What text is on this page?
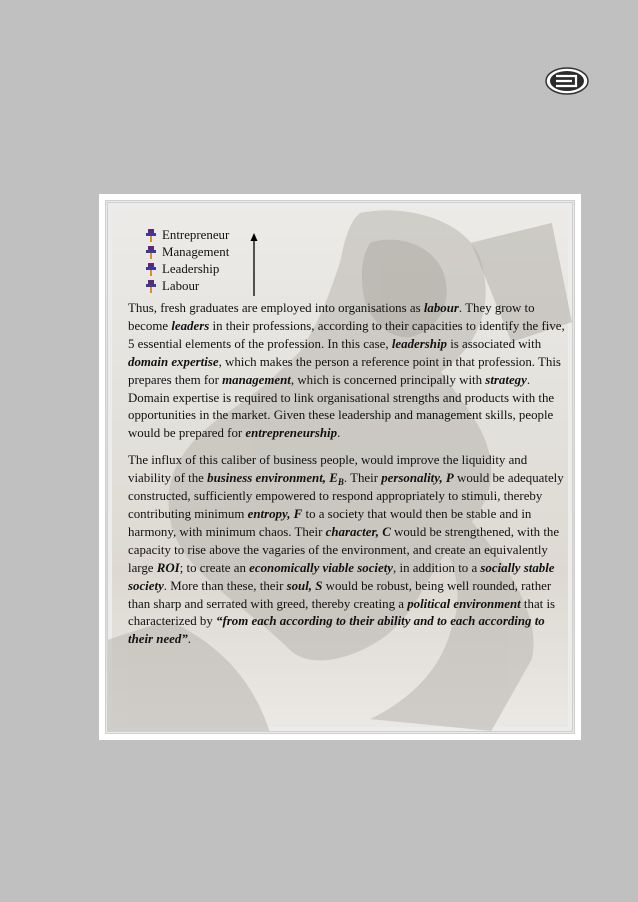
Entrepreneur
Management
Leadership
Labour

Thus, fresh graduates are employed into organisations as labour. They grow to become leaders in their professions, according to their capacities to identify the five, 5 essential elements of the profession. In this case, leadership is associated with domain expertise, which makes the person a reference point in that profession. This prepares them for management, which is concerned principally with strategy. Domain expertise is required to link organisational strengths and products with the opportunities in the market. Given these leadership and management skills, people would be prepared for entrepreneurship.

The influx of this caliber of business people, would improve the liquidity and viability of the business environment, $E_B$. Their personality, P would be adequately constructed, sufficiently empowered to respond appropriately to stimuli, thereby contributing minimum entropy, F to a society that would then be stable and in harmony, with minimum chaos. Their character, C would be strengthened, with the capacity to rise above the vagaries of the environment, and create an equivalently large ROI; to create an economically viable society, in addition to a socially stable society. More than these, their soul, S would be robust, being well rounded, rather than sharp and serrated with greed, thereby creating a political environment that is characterized by “from each according to their ability and to each according to their need”.
